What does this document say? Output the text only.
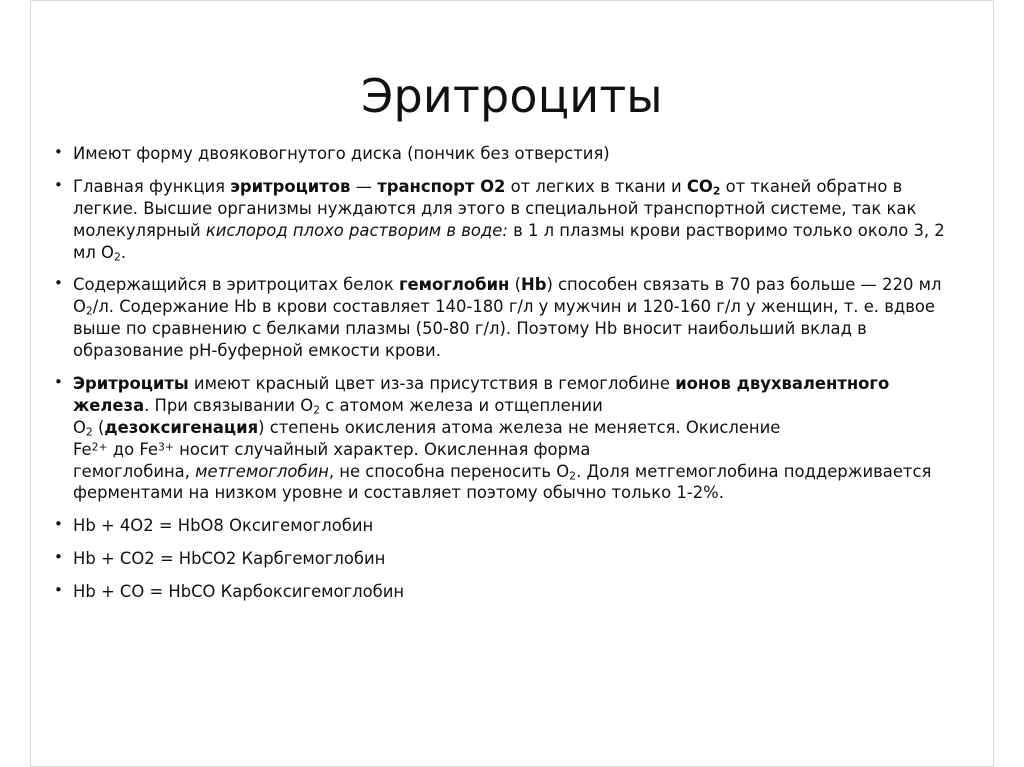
Эритроциты
• Имеют форму двояковогнутого диска (пончик без отверстия)
• Главная функция эритроцитов — транспорт O2 от легких в ткани и $CO_2$ от тканей обратно в легкие. Высшие организмы нуждаются для этого в специальной транспортной системе, так как молекулярный кислород плохо растворим в воде: в 1 л плазмы крови растворимо только около 3, 2 мл $O_2$.
• Содержащийся в эритроцитах белок гемоглобин (Hb) способен связать в 70 раз больше — 220 мл $O_2/л$. Содержание Hb в крови составляет 140-180 г/л у мужчин и 120-160 г/л у женщин, т. е. вдвое выше по сравнению с белками плазмы (50-80 г/л). Поэтому Hb вносит наибольший вклад в образование pH-буферной емкости крови.
• Эритроциты имеют красный цвет из-за присутствия в гемоглобине ионов двухвалентного железа. При связывании $O_2$ с атомом железа и отщеплении
$O_2$ (дезоксигенация) степень окисления атома железа не меняется. Окисление
$Fe^{2+}$ до $Fe^{3+}$ носит случайный характер. Окисленная форма
гемоглобина, метгемоглобин, не способна переносить $O_2$. Доля метгемоглобина поддерживается ферментами на низком уровне и составляет поэтому обычно только 1-2%.
• Hb + 4O2 = HbO8 Оксигемоглобин
• Hb + CO2 = HbCO2 Карбгемоглобин
• Hb + CO = HbCO Карбоксигемоглобин
